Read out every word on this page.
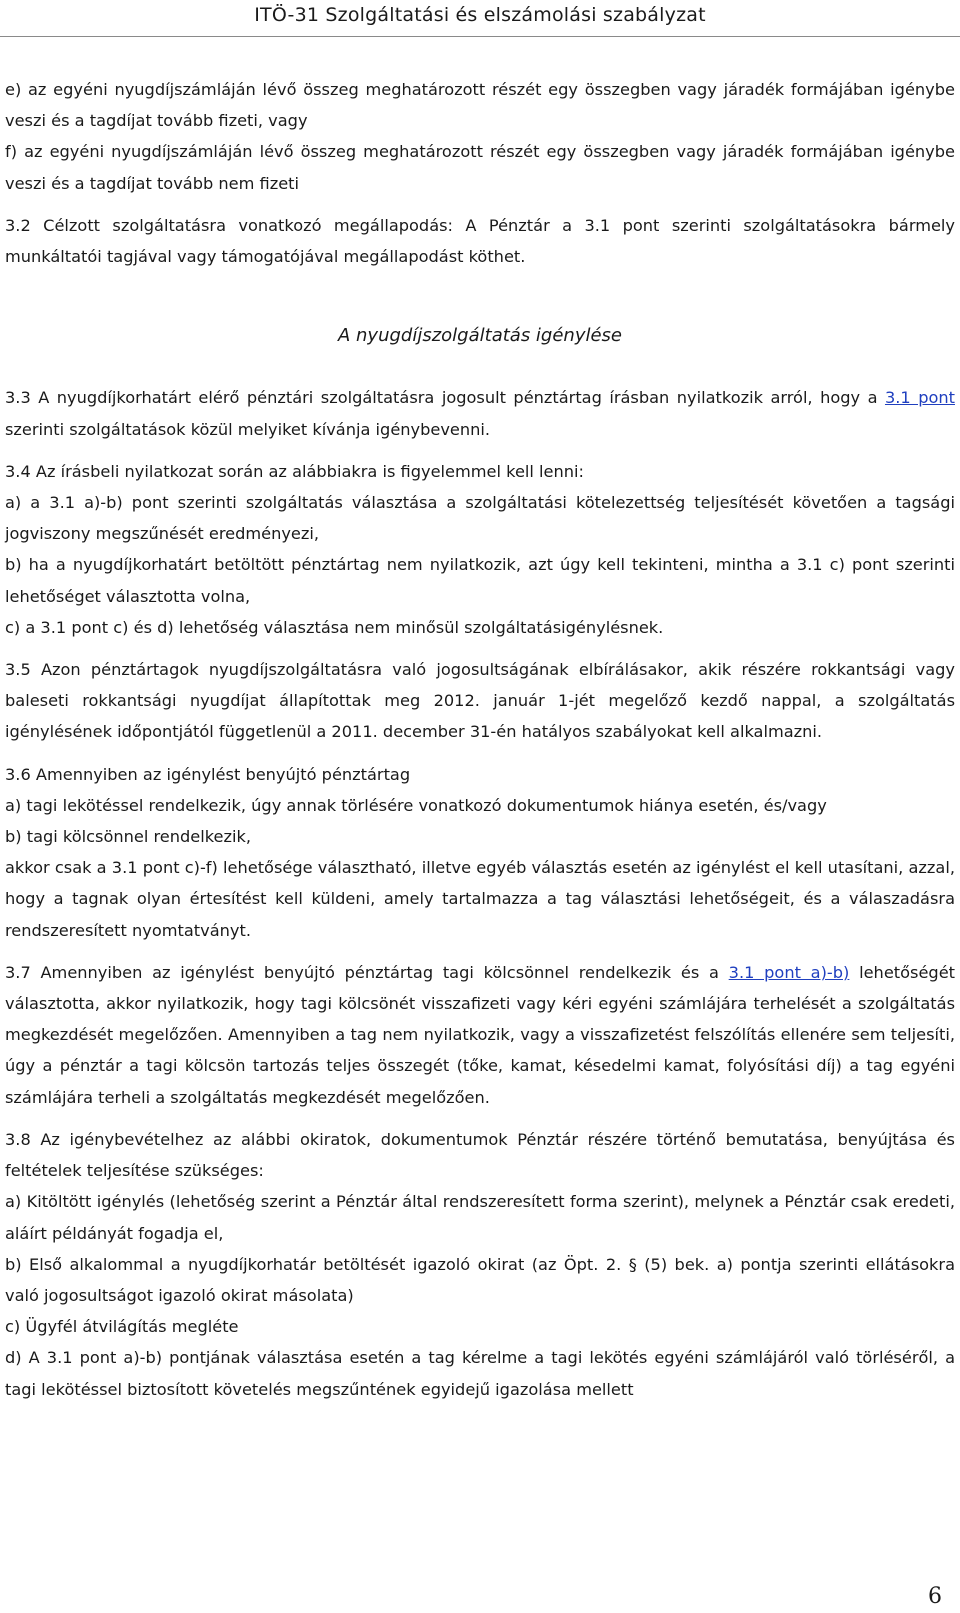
ITÖ-31 Szolgáltatási és elszámolási szabályzat

e) az egyéni nyugdíjszámláján lévő összeg meghatározott részét egy összegben vagy járadék formájában igénybe veszi és a tagdíjat tovább fizeti, vagy

f) az egyéni nyugdíjszámláján lévő összeg meghatározott részét egy összegben vagy járadék formájában igénybe veszi és a tagdíjat tovább nem fizeti

3.2 Célzott szolgáltatásra vonatkozó megállapodás: A Pénztár a 3.1 pont szerinti szolgáltatásokra bármely munkáltatói tagjával vagy támogatójával megállapodást köthet.

A nyugdíjszolgáltatás igénylése

3.3 A nyugdíjkorhatárt elérő pénztári szolgáltatásra jogosult pénztártag írásban nyilatkozik arról, hogy a 3.1 pont szerinti szolgáltatások közül melyiket kívánja igénybevenni.

3.4 Az írásbeli nyilatkozat során az alábbiakra is figyelemmel kell lenni:

a) a 3.1 a)-b) pont szerinti szolgáltatás választása a szolgáltatási kötelezettség teljesítését követően a tagsági jogviszony megszűnését eredményezi,

b) ha a nyugdíjkorhatárt betöltött pénztártag nem nyilatkozik, azt úgy kell tekinteni, mintha a 3.1 c) pont szerinti lehetőséget választotta volna,

c) a 3.1 pont c) és d) lehetőség választása nem minősül szolgáltatásigénylésnek.

3.5 Azon pénztártagok nyugdíjszolgáltatásra való jogosultságának elbírálásakor, akik részére rokkantsági vagy baleseti rokkantsági nyugdíjat állapítottak meg 2012. január 1-jét megelőző kezdő nappal, a szolgáltatás igénylésének időpontjától függetlenül a 2011. december 31-én hatályos szabályokat kell alkalmazni.

3.6 Amennyiben az igénylést benyújtó pénztártag

a) tagi lekötéssel rendelkezik, úgy annak törlésére vonatkozó dokumentumok hiánya esetén, és/vagy

b) tagi kölcsönnel rendelkezik,

akkor csak a 3.1 pont c)-f) lehetősége választható, illetve egyéb választás esetén az igénylést el kell utasítani, azzal, hogy a tagnak olyan értesítést kell küldeni, amely tartalmazza a tag választási lehetőségeit, és a válaszadásra rendszeresített nyomtatványt.

3.7 Amennyiben az igénylést benyújtó pénztártag tagi kölcsönnel rendelkezik és a 3.1 pont a)-b) lehetőségét választotta, akkor nyilatkozik, hogy tagi kölcsönét visszafizeti vagy kéri egyéni számlájára terhelését a szolgáltatás megkezdését megelőzően. Amennyiben a tag nem nyilatkozik, vagy a visszafizetést felszólítás ellenére sem teljesíti, úgy a pénztár a tagi kölcsön tartozás teljes összegét (tőke, kamat, késedelmi kamat, folyósítási díj) a tag egyéni számlájára terheli a szolgáltatás megkezdését megelőzően.

3.8 Az igénybevételhez az alábbi okiratok, dokumentumok Pénztár részére történő bemutatása, benyújtása és feltételek teljesítése szükséges:

a) Kitöltött igénylés (lehetőség szerint a Pénztár által rendszeresített forma szerint), melynek a Pénztár csak eredeti, aláírt példányát fogadja el,

b) Első alkalommal a nyugdíjkorhatár betöltését igazoló okirat (az Öpt. 2. § (5) bek. a) pontja szerinti ellátásokra való jogosultságot igazoló okirat másolata)

c) Ügyfél átvilágítás megléte

d) A 3.1 pont a)-b) pontjának választása esetén a tag kérelme a tagi lekötés egyéni számlájáról való törléséről, a tagi lekötéssel biztosított követelés megszűntének egyidejű igazolása mellett

6
